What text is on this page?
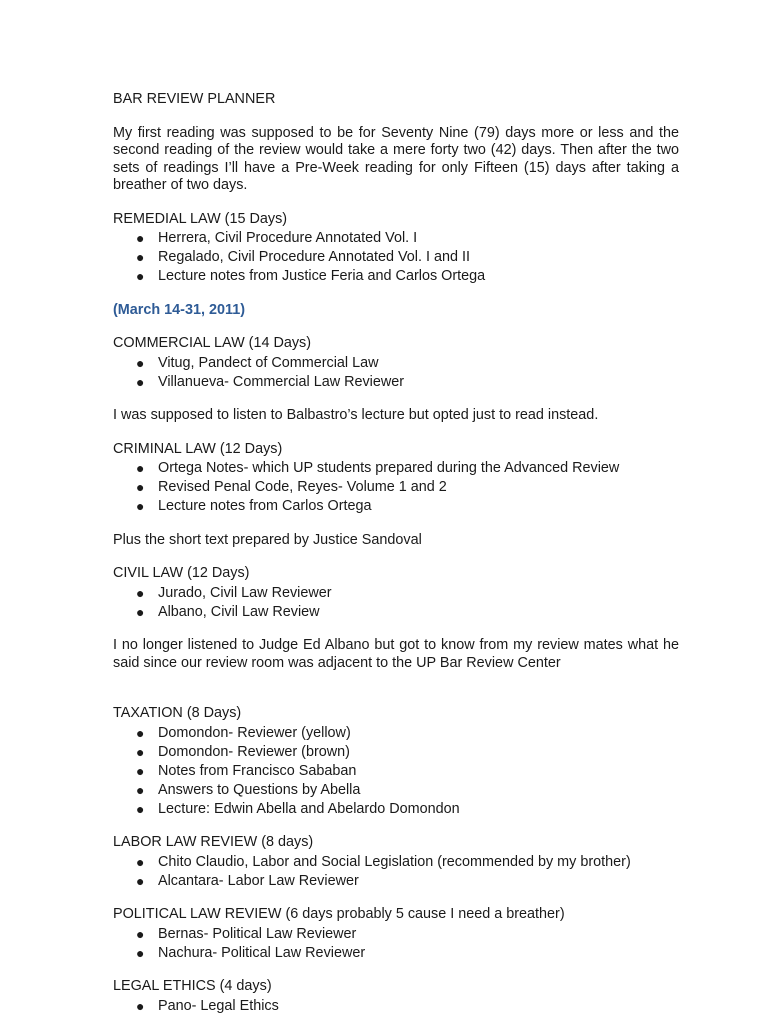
BAR REVIEW PLANNER

My first reading was supposed to be for Seventy Nine (79) days more or less and the second reading of the review would take a mere forty two (42) days. Then after the two sets of readings I’ll have a Pre-Week reading for only Fifteen (15) days after taking a breather of two days.

REMEDIAL LAW (15 Days)

● Herrera, Civil Procedure Annotated Vol. I
● Regalado, Civil Procedure Annotated Vol. I and II
● Lecture notes from Justice Feria and Carlos Ortega

(March 14-31, 2011)

COMMERCIAL LAW (14 Days)

● Vitug, Pandect of Commercial Law
● Villanueva- Commercial Law Reviewer

I was supposed to listen to Balbastro’s lecture but opted just to read instead.

CRIMINAL LAW (12 Days)

● Ortega Notes- which UP students prepared during the Advanced Review
● Revised Penal Code, Reyes- Volume 1 and 2
● Lecture notes from Carlos Ortega

Plus the short text prepared by Justice Sandoval

CIVIL LAW (12 Days)

● Jurado, Civil Law Reviewer
● Albano, Civil Law Review

I no longer listened to Judge Ed Albano but got to know from my review mates what he said since our review room was adjacent to the UP Bar Review Center

TAXATION (8 Days)

● Domondon- Reviewer (yellow)
● Domondon- Reviewer (brown)
● Notes from Francisco Sababan
● Answers to Questions by Abella
● Lecture: Edwin Abella and Abelardo Domondon

LABOR LAW REVIEW (8 days)

● Chito Claudio, Labor and Social Legislation (recommended by my brother)
● Alcantara- Labor Law Reviewer

POLITICAL LAW REVIEW (6 days probably 5 cause I need a breather)

● Bernas- Political Law Reviewer
● Nachura- Political Law Reviewer

LEGAL ETHICS (4 days)

● Pano- Legal Ethics
